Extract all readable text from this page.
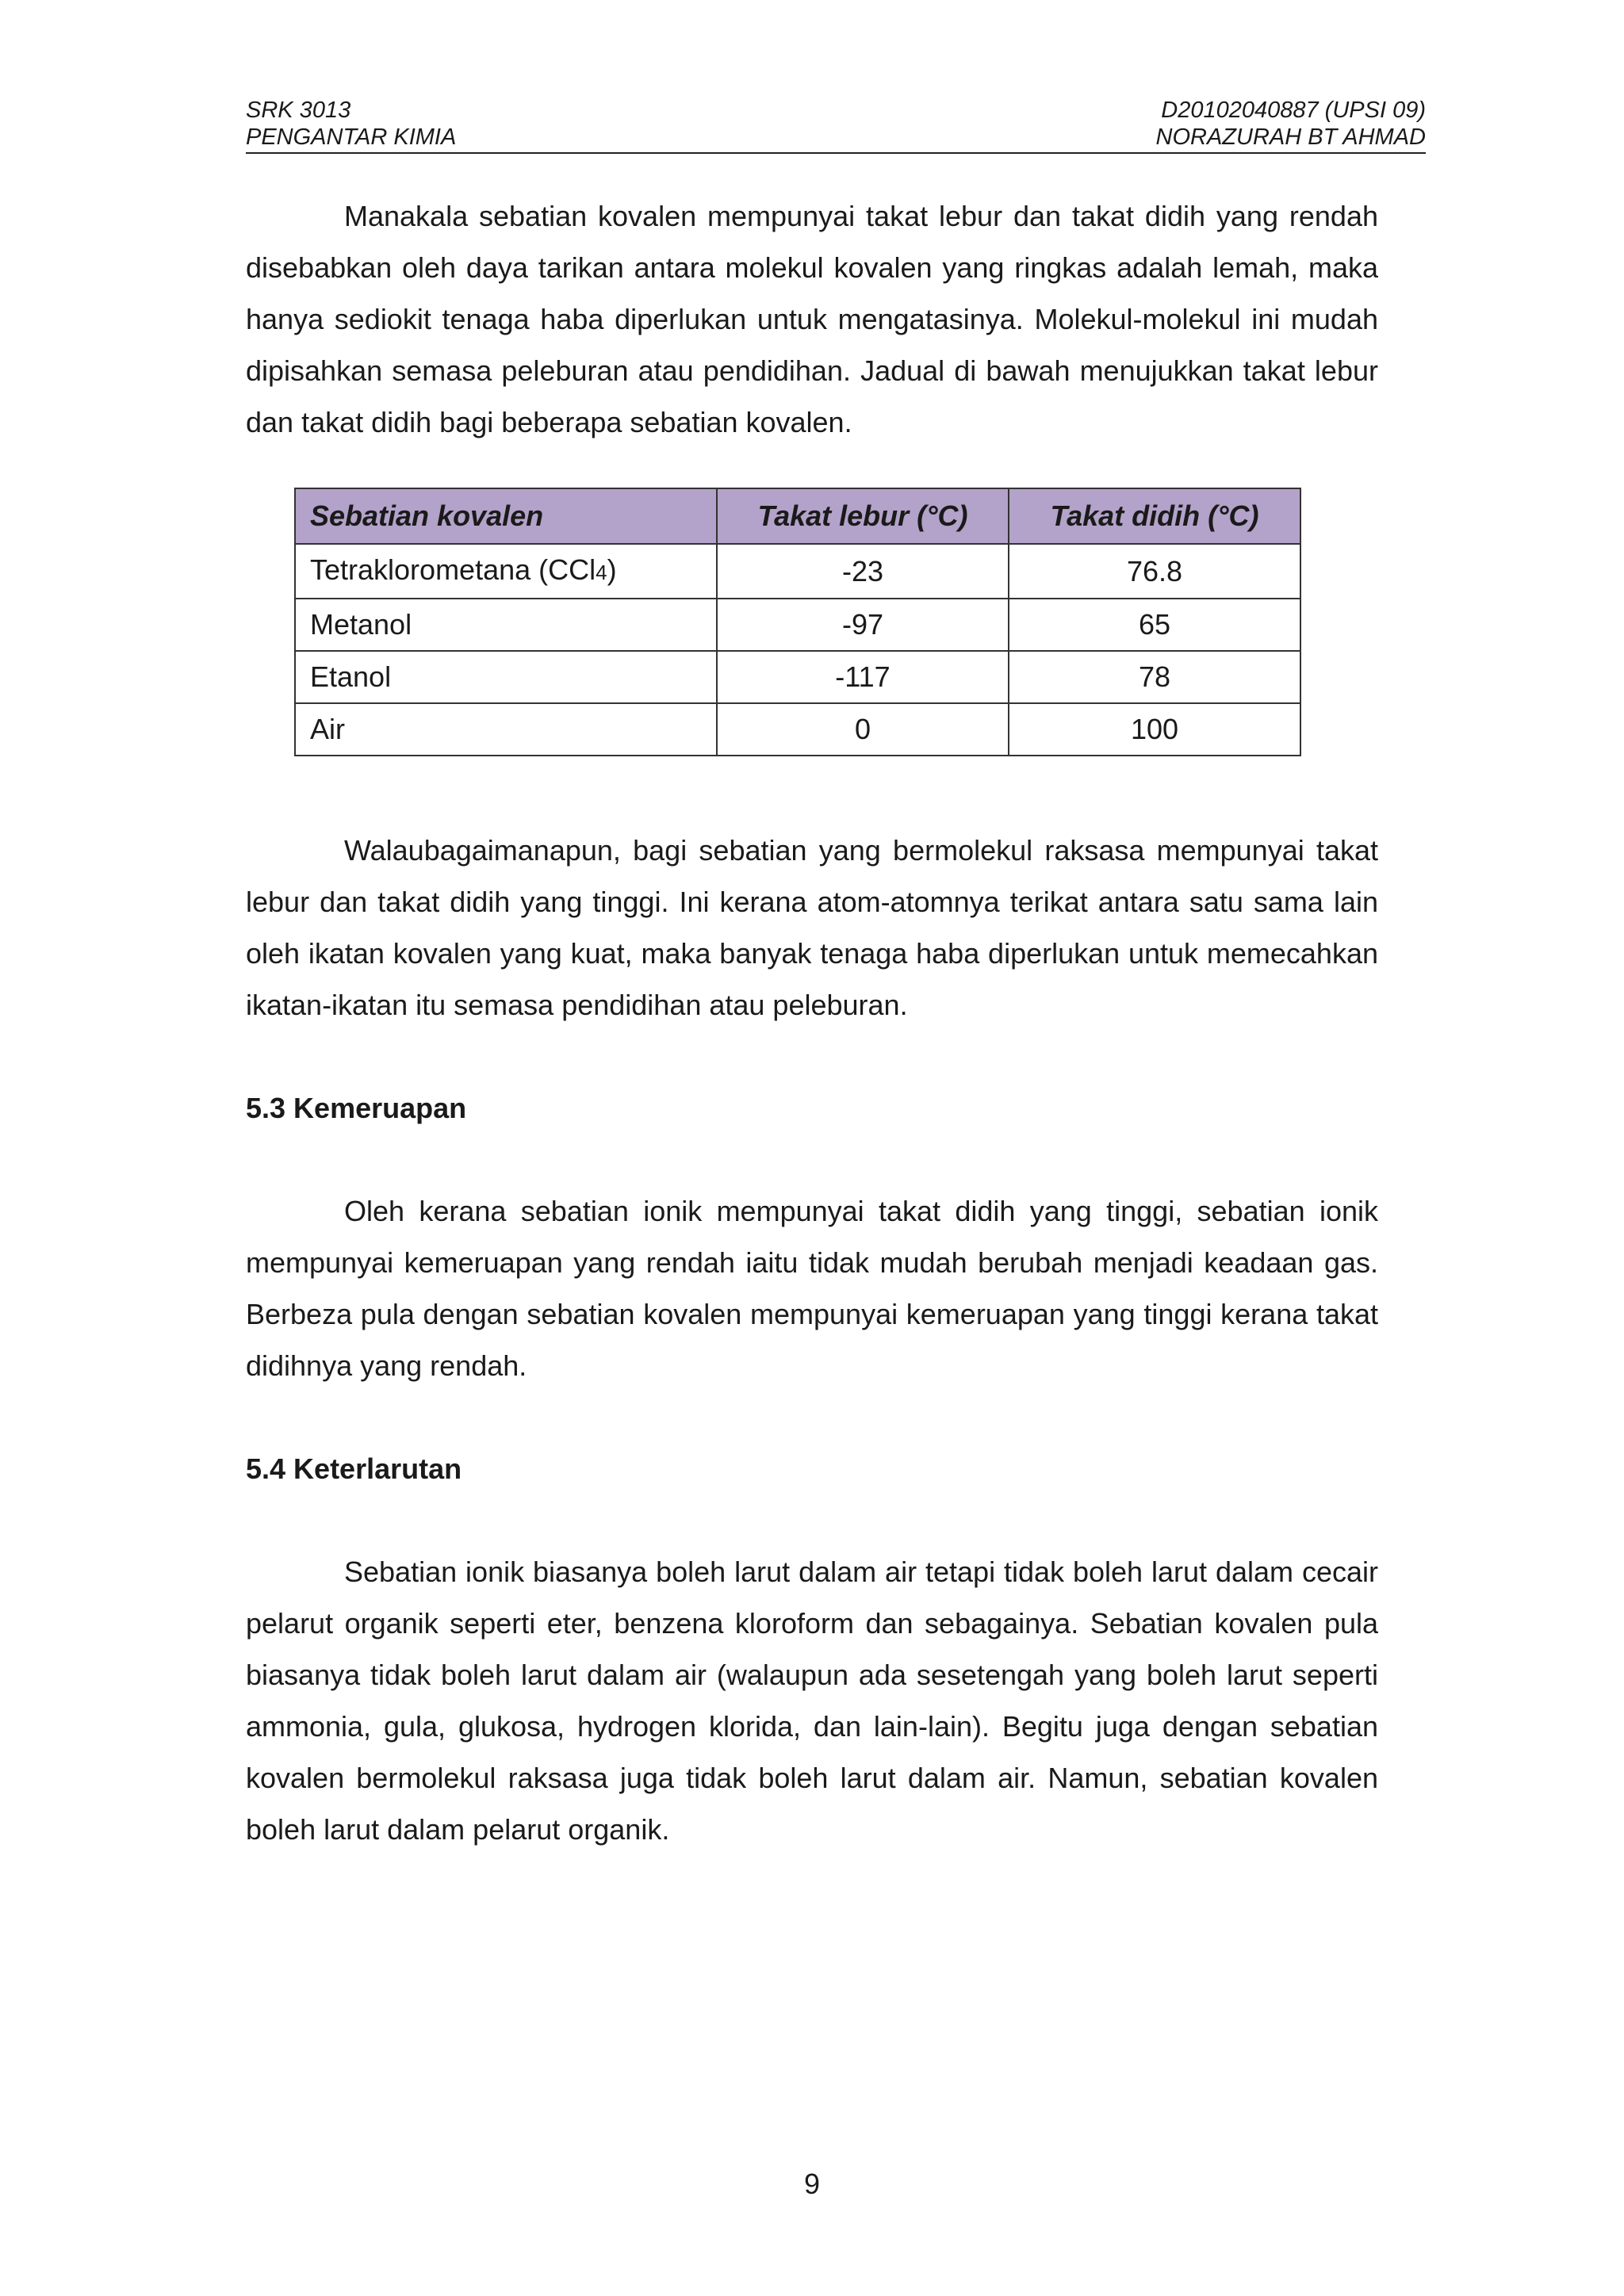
SRK 3013
PENGANTAR KIMIA
D20102040887 (UPSI 09)
NORAZURAH BT AHMAD

Manakala sebatian kovalen mempunyai takat lebur dan takat didih yang rendah disebabkan oleh daya tarikan antara molekul kovalen yang ringkas adalah lemah, maka hanya sediokit tenaga haba diperlukan untuk mengatasinya. Molekul-molekul ini mudah dipisahkan semasa peleburan atau pendidihan. Jadual di bawah menujukkan takat lebur dan takat didih bagi beberapa sebatian kovalen.

Sebatian kovalen	Takat lebur (°C)	Takat didih (°C)
Tetraklorometana (CCl4)	-23	76.8
Metanol	-97	65
Etanol	-117	78
Air	0	100

Walaubagaimanapun, bagi sebatian yang bermolekul raksasa mempunyai takat lebur dan takat didih yang tinggi. Ini kerana atom-atomnya terikat antara satu sama lain oleh ikatan kovalen yang kuat, maka banyak tenaga haba diperlukan untuk memecahkan ikatan-ikatan itu semasa pendidihan atau peleburan.

5.3 Kemeruapan

Oleh kerana sebatian ionik mempunyai takat didih yang tinggi, sebatian ionik mempunyai kemeruapan yang rendah iaitu tidak mudah berubah menjadi keadaan gas. Berbeza pula dengan sebatian kovalen mempunyai kemeruapan yang tinggi kerana takat didihnya yang rendah.

5.4 Keterlarutan

Sebatian ionik biasanya boleh larut dalam air tetapi tidak boleh larut dalam cecair pelarut organik seperti eter, benzena kloroform dan sebagainya. Sebatian kovalen pula biasanya tidak boleh larut dalam air (walaupun ada sesetengah yang boleh larut seperti ammonia, gula, glukosa, hydrogen klorida, dan lain-lain). Begitu juga dengan sebatian kovalen bermolekul raksasa juga tidak boleh larut dalam air. Namun, sebatian kovalen boleh larut dalam pelarut organik.

9
